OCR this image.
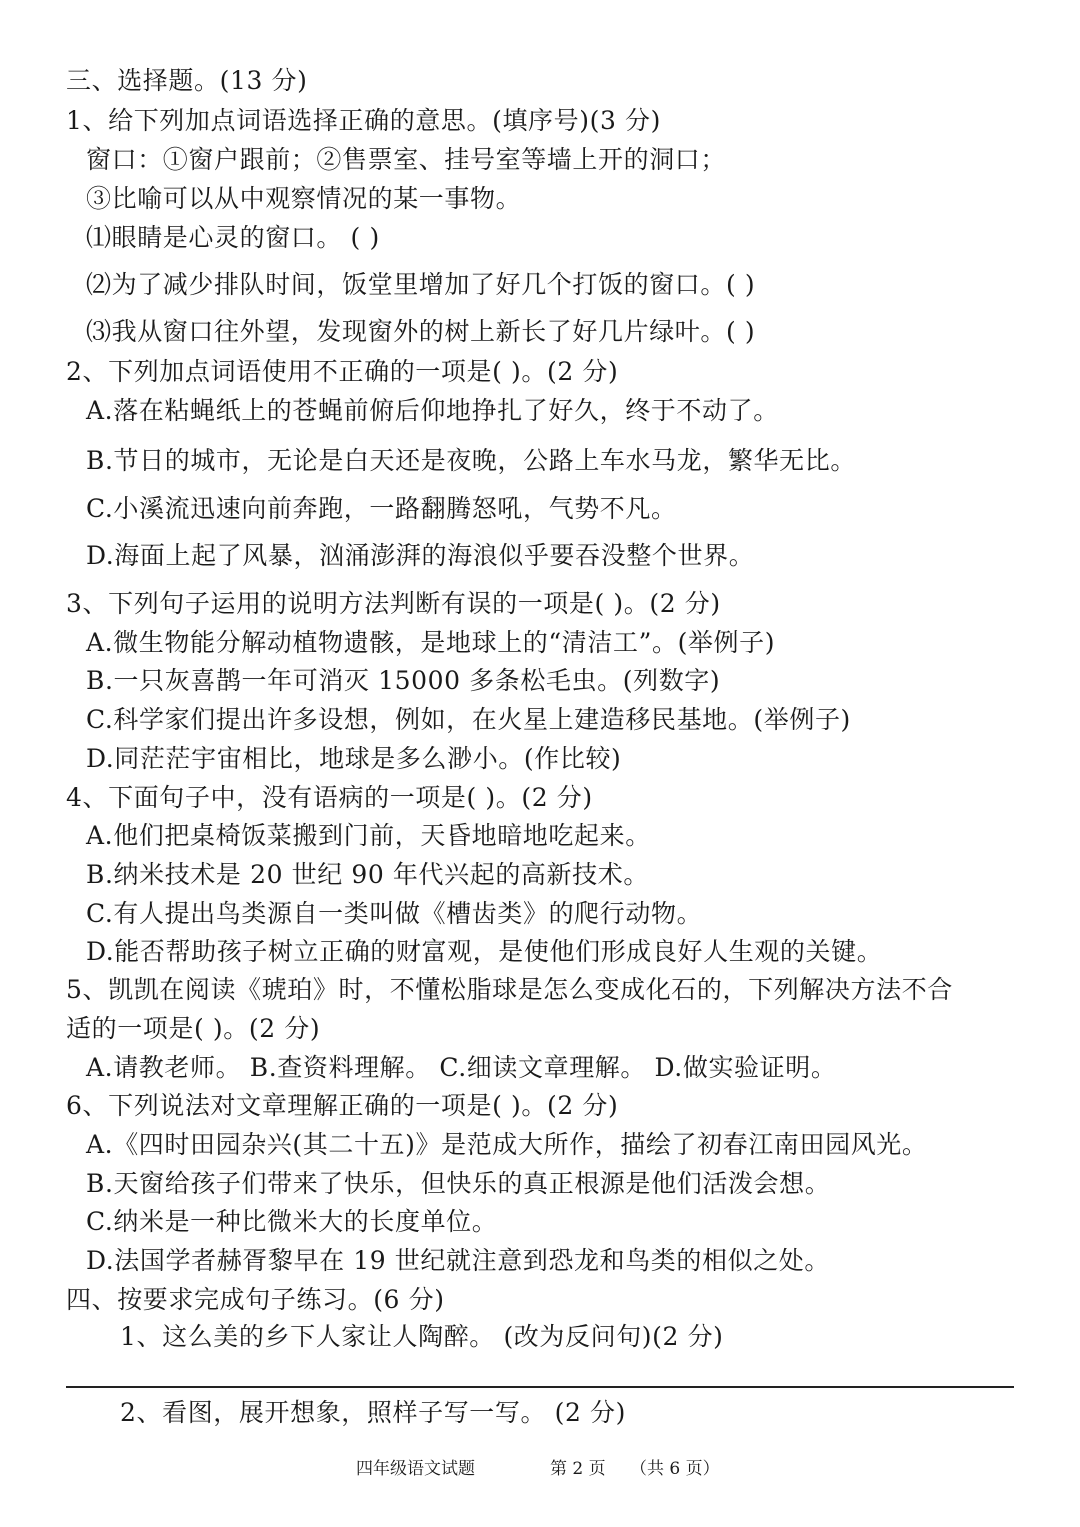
三、选择题。(13 分)
1、给下列加点词语选择正确的意思。(填序号)(3 分)
窗口：①窗户跟前；②售票室、挂号室等墙上开的洞口；
③比喻可以从中观察情况的某一事物。
⑴眼睛是心灵的窗口。 ( )
⑵为了减少排队时间，饭堂里增加了好几个打饭的窗口。( )
⑶我从窗口往外望，发现窗外的树上新长了好几片绿叶。( )
2、下列加点词语使用不正确的一项是( )。(2 分)
A.落在粘蝇纸上的苍蝇前俯后仰地挣扎了好久，终于不动了。
B.节日的城市，无论是白天还是夜晚，公路上车水马龙，繁华无比。
C.小溪流迅速向前奔跑，一路翻腾怒吼，气势不凡。
D.海面上起了风暴，汹涌澎湃的海浪似乎要吞没整个世界。
3、下列句子运用的说明方法判断有误的一项是( )。(2 分)
A.微生物能分解动植物遗骸，是地球上的“清洁工”。(举例子)
B.一只灰喜鹊一年可消灭 15000 多条松毛虫。(列数字)
C.科学家们提出许多设想，例如，在火星上建造移民基地。(举例子)
D.同茫茫宇宙相比，地球是多么渺小。(作比较)
4、下面句子中，没有语病的一项是( )。(2 分)
A.他们把桌椅饭菜搬到门前，天昏地暗地吃起来。
B.纳米技术是 20 世纪 90 年代兴起的高新技术。
C.有人提出鸟类源自一类叫做《槽齿类》的爬行动物。
D.能否帮助孩子树立正确的财富观，是使他们形成良好人生观的关键。
5、凯凯在阅读《琥珀》时，不懂松脂球是怎么变成化石的，下列解决方法不合
适的一项是( )。(2 分)
A.请教老师。 B.查资料理解。 C.细读文章理解。 D.做实验证明。
6、下列说法对文章理解正确的一项是( )。(2 分)
A.《四时田园杂兴(其二十五)》是范成大所作，描绘了初春江南田园风光。
B.天窗给孩子们带来了快乐，但快乐的真正根源是他们活泼会想。
C.纳米是一种比微米大的长度单位。
D.法国学者赫胥黎早在 19 世纪就注意到恐龙和鸟类的相似之处。
四、按要求完成句子练习。(6 分)
1、这么美的乡下人家让人陶醉。 (改为反问句)(2 分)
2、看图，展开想象，照样子写一写。 (2 分)
四年级语文试题	第 2 页 （共 6 页）
